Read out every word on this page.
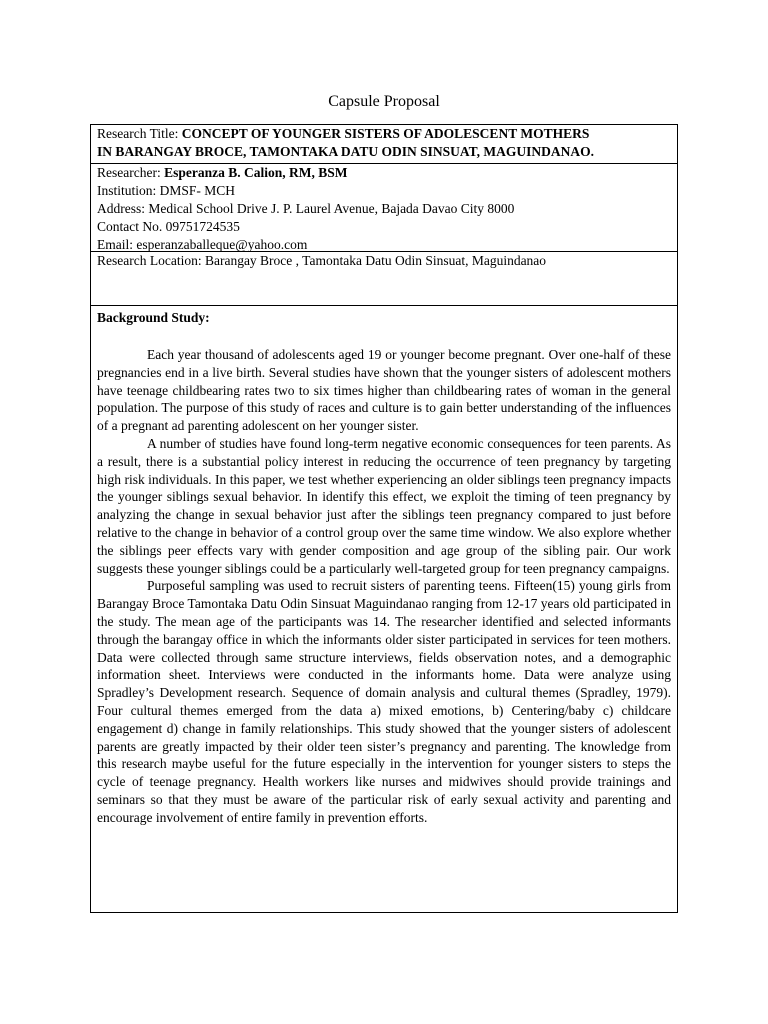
Capsule Proposal
Research Title: CONCEPT OF YOUNGER SISTERS OF ADOLESCENT MOTHERS
IN BARANGAY BROCE, TAMONTAKA DATU ODIN SINSUAT, MAGUINDANAO.
Researcher: Esperanza B. Calion, RM, BSM
Institution: DMSF- MCH
Address: Medical School Drive J. P. Laurel Avenue, Bajada Davao City 8000
Contact No. 09751724535
Email: esperanzaballeque@yahoo.com
Research Location: Barangay Broce , Tamontaka Datu Odin Sinsuat, Maguindanao
Background Study:

Each year thousand of adolescents aged 19 or younger become pregnant. Over one-half of these pregnancies end in a live birth. Several studies have shown that the younger sisters of adolescent mothers have teenage childbearing rates two to six times higher than childbearing rates of woman in the general population. The purpose of this study of races and culture is to gain better understanding of the influences of a pregnant ad parenting adolescent on her younger sister.

A number of studies have found long-term negative economic consequences for teen parents. As a result, there is a substantial policy interest in reducing the occurrence of teen pregnancy by targeting high risk individuals. In this paper, we test whether experiencing an older siblings teen pregnancy impacts the younger siblings sexual behavior. In identify this effect, we exploit the timing of teen pregnancy by analyzing the change in sexual behavior just after the siblings teen pregnancy compared to just before relative to the change in behavior of a control group over the same time window. We also explore whether the siblings peer effects vary with gender composition and age group of the sibling pair. Our work suggests these younger siblings could be a particularly well-targeted group for teen pregnancy campaigns.

Purposeful sampling was used to recruit sisters of parenting teens. Fifteen(15) young girls from Barangay Broce Tamontaka Datu Odin Sinsuat Maguindanao ranging from 12-17 years old participated in the study. The mean age of the participants was 14. The researcher identified and selected informants through the barangay office in which the informants older sister participated in services for teen mothers. Data were collected through same structure interviews, fields observation notes, and a demographic information sheet. Interviews were conducted in the informants home. Data were analyze using Spradley’s Development research. Sequence of domain analysis and cultural themes (Spradley, 1979). Four cultural themes emerged from the data a) mixed emotions, b) Centering/baby c) childcare engagement d) change in family relationships. This study showed that the younger sisters of adolescent parents are greatly impacted by their older teen sister’s pregnancy and parenting. The knowledge from this research maybe useful for the future especially in the intervention for younger sisters to steps the cycle of teenage pregnancy. Health workers like nurses and midwives should provide trainings and seminars so that they must be aware of the particular risk of early sexual activity and parenting and encourage involvement of entire family in prevention efforts.
